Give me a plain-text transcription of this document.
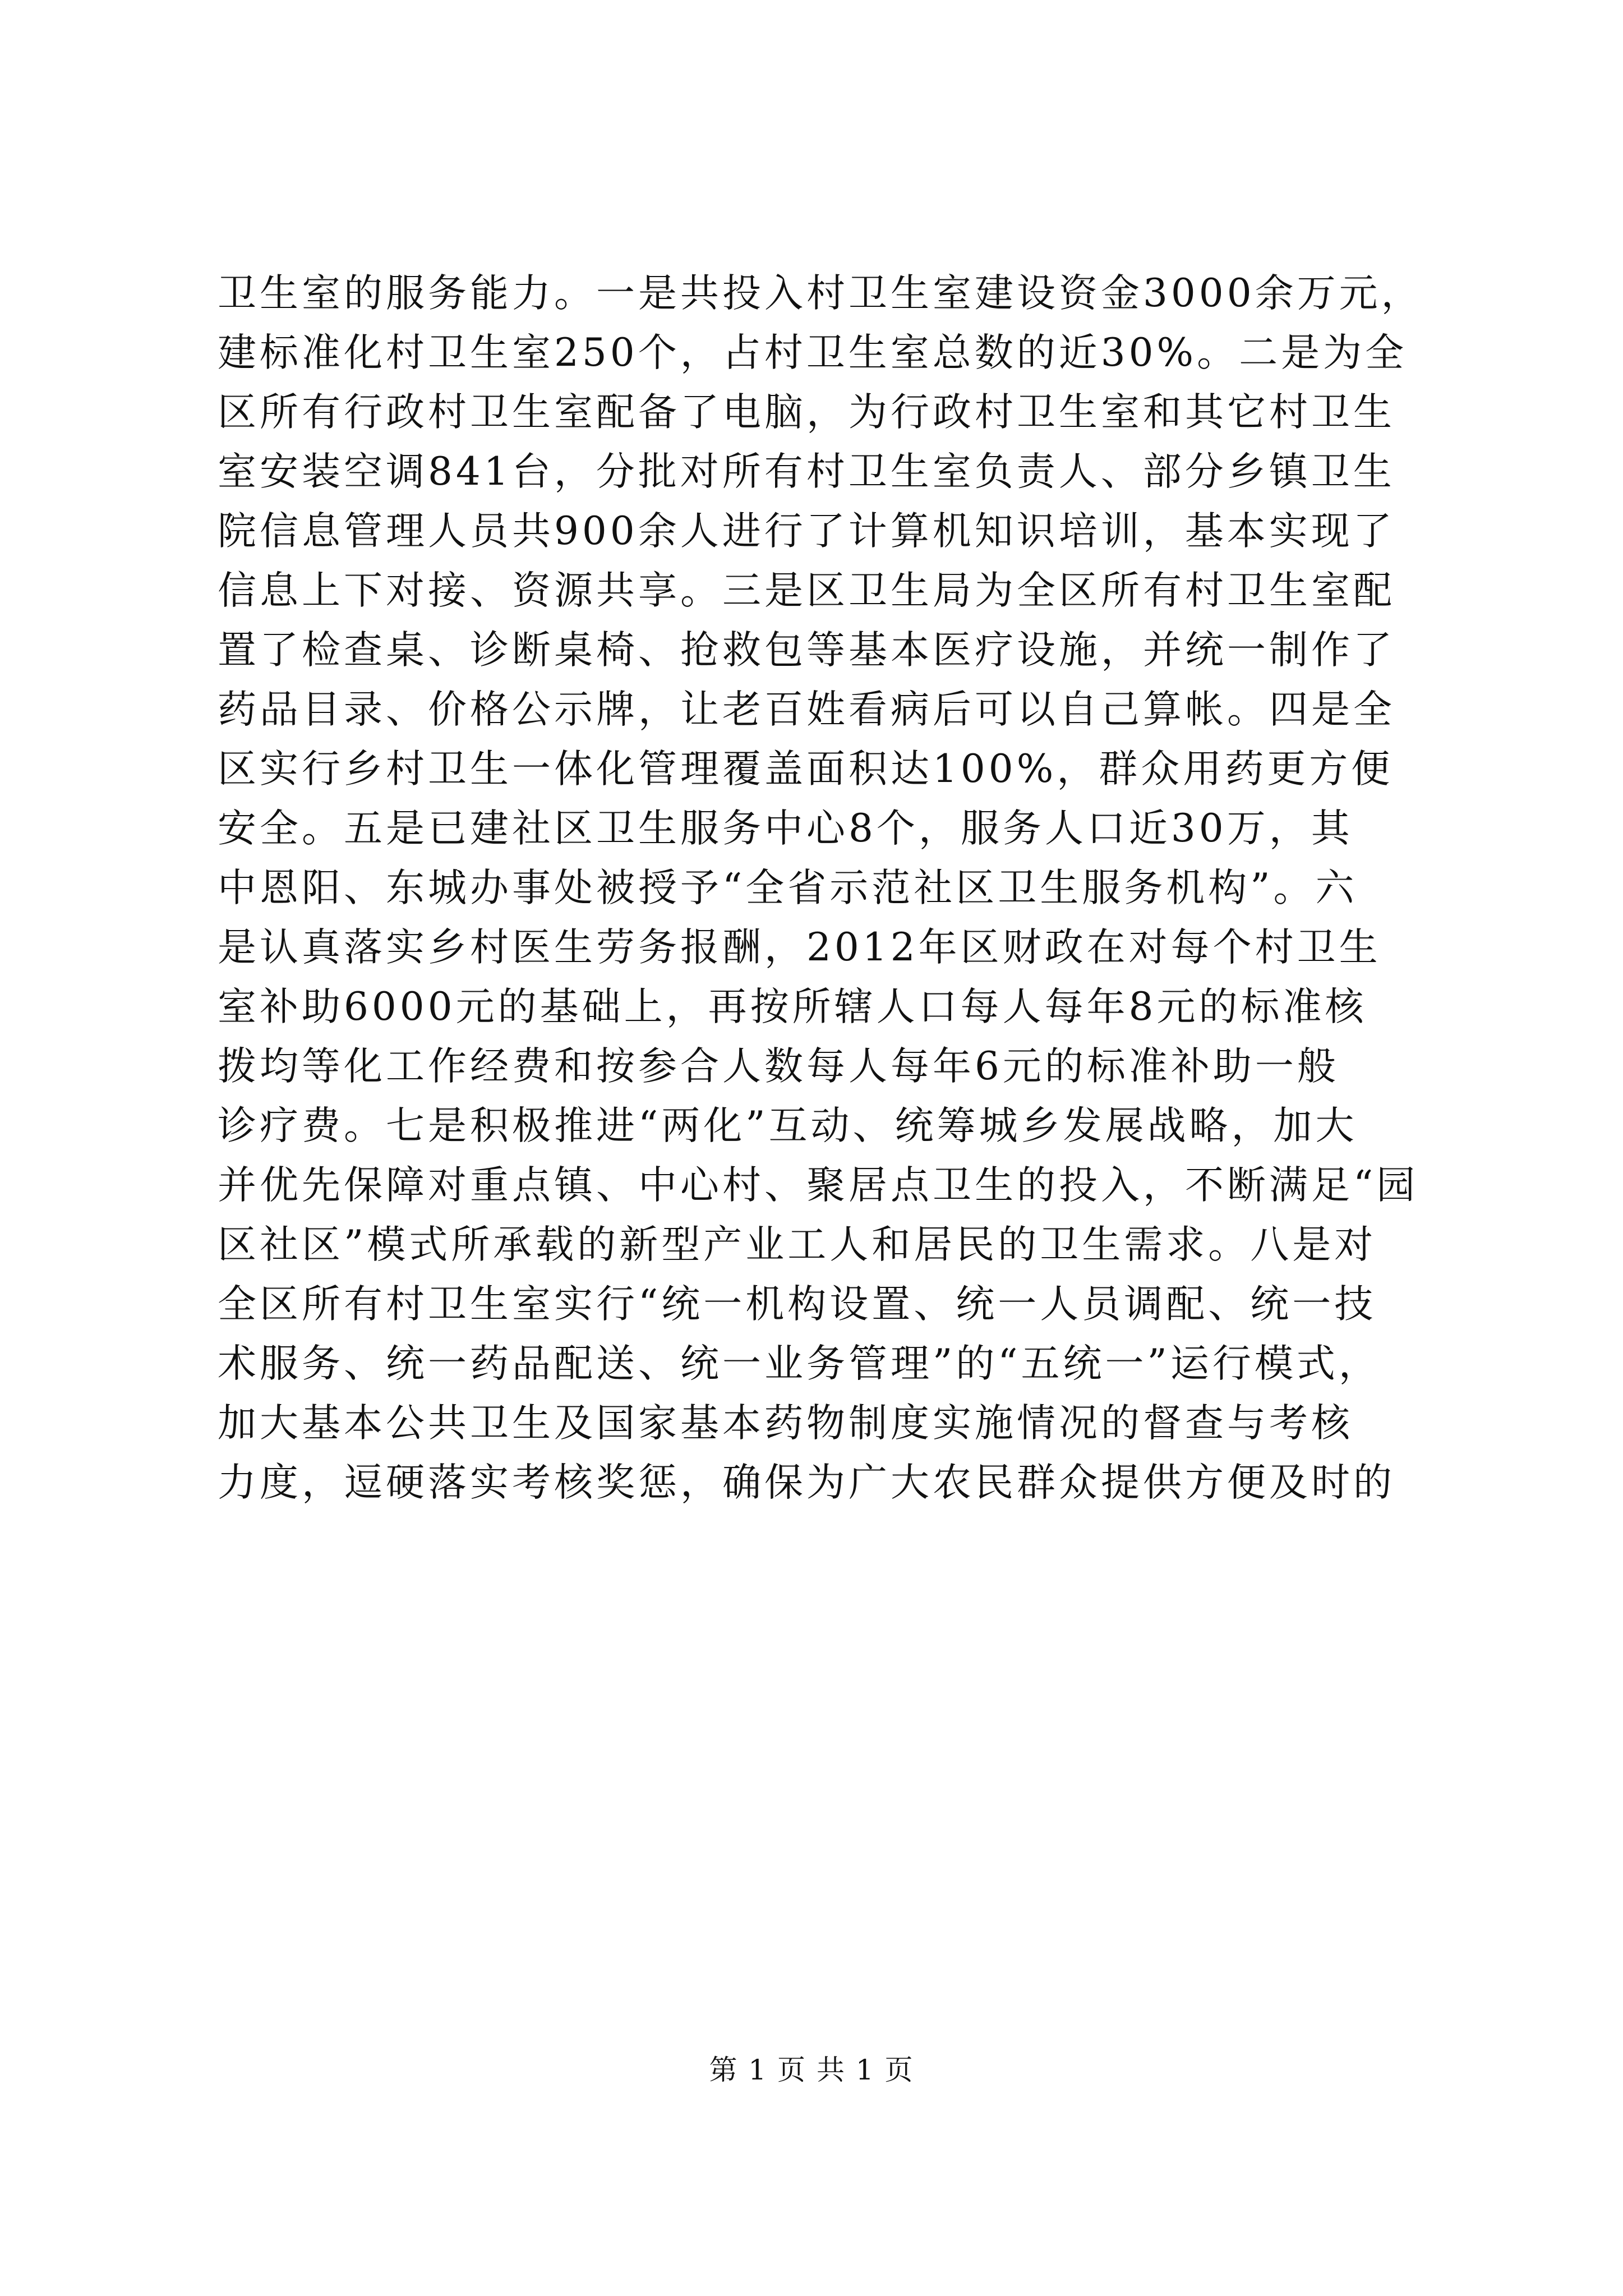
卫生室的服务能力。一是共投入村卫生室建设资金3000余万元，
建标准化村卫生室250个，占村卫生室总数的近30%。二是为全
区所有行政村卫生室配备了电脑，为行政村卫生室和其它村卫生
室安装空调841台，分批对所有村卫生室负责人、部分乡镇卫生
院信息管理人员共900余人进行了计算机知识培训，基本实现了
信息上下对接、资源共享。三是区卫生局为全区所有村卫生室配
置了检查桌、诊断桌椅、抢救包等基本医疗设施，并统一制作了
药品目录、价格公示牌，让老百姓看病后可以自己算帐。四是全
区实行乡村卫生一体化管理覆盖面积达100%，群众用药更方便
安全。五是已建社区卫生服务中心8个，服务人口近30万，其
中恩阳、东城办事处被授予“全省示范社区卫生服务机构”。六
是认真落实乡村医生劳务报酬，2012年区财政在对每个村卫生
室补助6000元的基础上，再按所辖人口每人每年8元的标准核
拨均等化工作经费和按参合人数每人每年6元的标准补助一般
诊疗费。七是积极推进“两化”互动、统筹城乡发展战略，加大
并优先保障对重点镇、中心村、聚居点卫生的投入，不断满足“园
区社区”模式所承载的新型产业工人和居民的卫生需求。八是对
全区所有村卫生室实行“统一机构设置、统一人员调配、统一技
术服务、统一药品配送、统一业务管理”的“五统一”运行模式，
加大基本公共卫生及国家基本药物制度实施情况的督查与考核
力度，逗硬落实考核奖惩，确保为广大农民群众提供方便及时的
第 1 页 共 1 页
